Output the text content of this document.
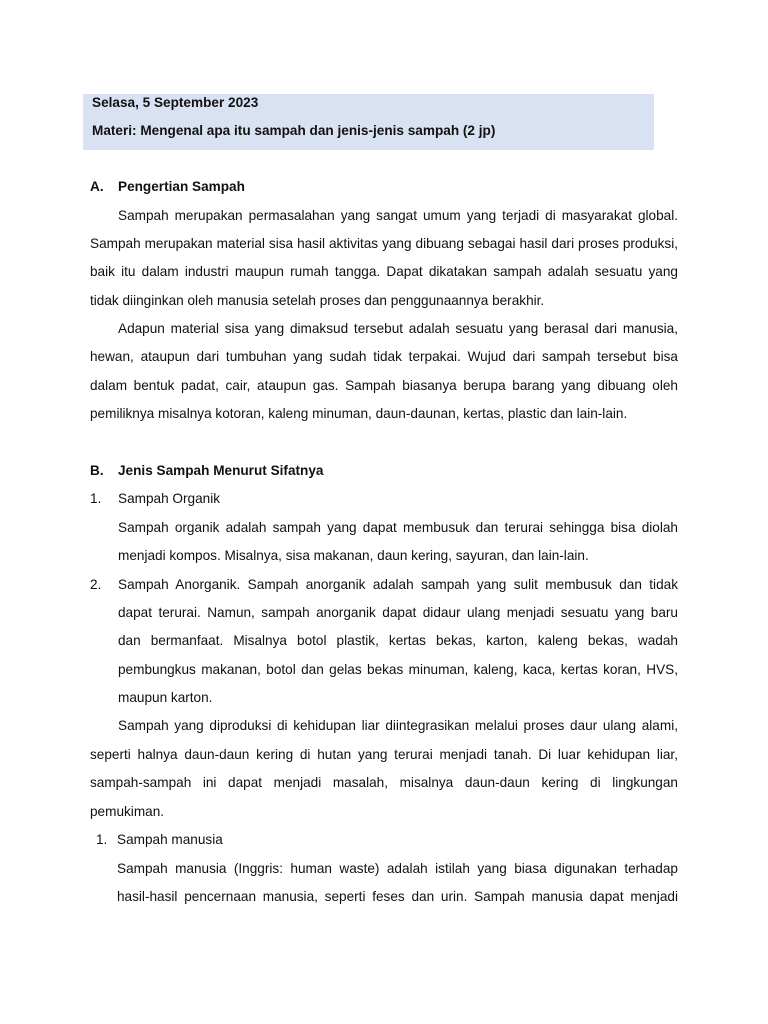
Selasa, 5 September 2023
Materi: Mengenal apa itu sampah dan jenis-jenis sampah (2 jp)
A. Pengertian Sampah
Sampah merupakan permasalahan yang sangat umum yang terjadi di masyarakat global.
Sampah merupakan material sisa hasil aktivitas yang dibuang sebagai hasil dari proses produksi,
baik itu dalam industri maupun rumah tangga. Dapat dikatakan sampah adalah sesuatu yang
tidak diinginkan oleh manusia setelah proses dan penggunaannya berakhir.
Adapun material sisa yang dimaksud tersebut adalah sesuatu yang berasal dari manusia,
hewan, ataupun dari tumbuhan yang sudah tidak terpakai. Wujud dari sampah tersebut bisa
dalam bentuk padat, cair, ataupun gas. Sampah biasanya berupa barang yang dibuang oleh
pemiliknya misalnya kotoran, kaleng minuman, daun-daunan, kertas, plastic dan lain-lain.
B. Jenis Sampah Menurut Sifatnya
1. Sampah Organik
Sampah organik adalah sampah yang dapat membusuk dan terurai sehingga bisa diolah
menjadi kompos. Misalnya, sisa makanan, daun kering, sayuran, dan lain-lain.
2. Sampah Anorganik. Sampah anorganik adalah sampah yang sulit membusuk dan tidak
dapat terurai. Namun, sampah anorganik dapat didaur ulang menjadi sesuatu yang baru
dan bermanfaat. Misalnya botol plastik, kertas bekas, karton, kaleng bekas, wadah
pembungkus makanan, botol dan gelas bekas minuman, kaleng, kaca, kertas koran, HVS,
maupun karton.
Sampah yang diproduksi di kehidupan liar diintegrasikan melalui proses daur ulang alami,
seperti halnya daun-daun kering di hutan yang terurai menjadi tanah. Di luar kehidupan liar,
sampah-sampah ini dapat menjadi masalah, misalnya daun-daun kering di lingkungan
pemukiman.
1. Sampah manusia
Sampah manusia (Inggris: human waste) adalah istilah yang biasa digunakan terhadap
hasil-hasil pencernaan manusia, seperti feses dan urin. Sampah manusia dapat menjadi
